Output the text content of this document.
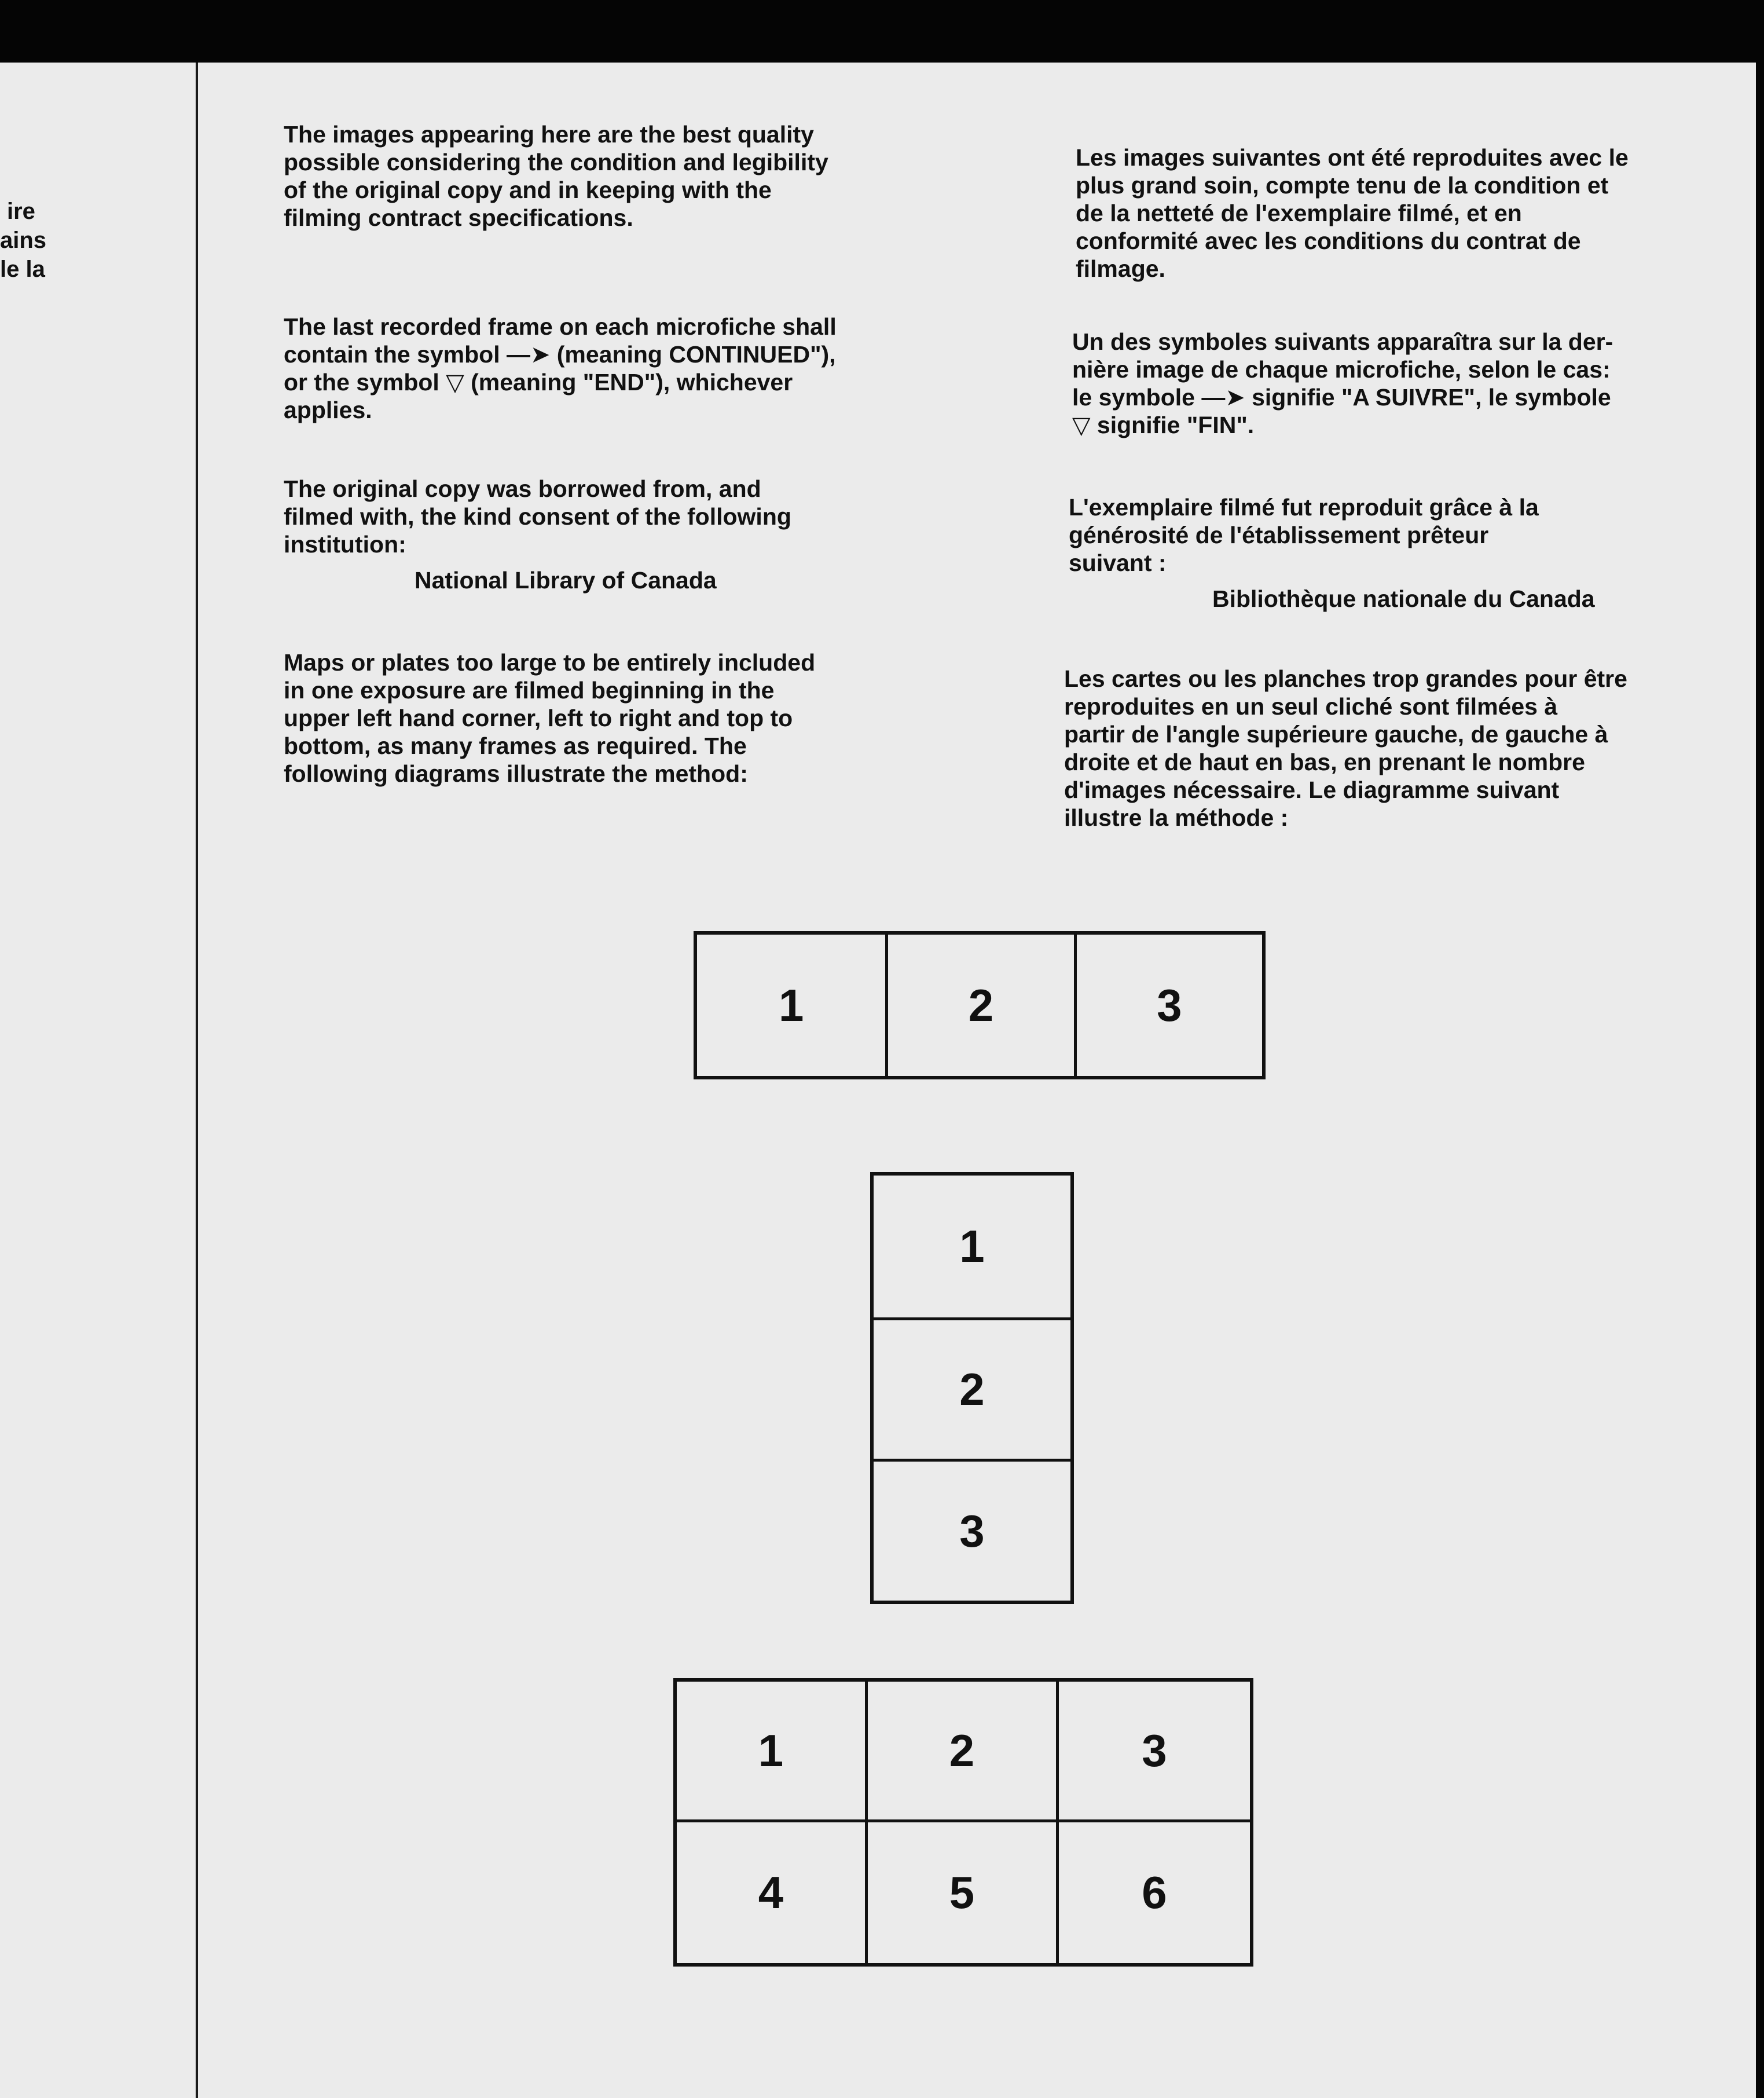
ire
ains
le la

The images appearing here are the best quality
possible considering the condition and legibility
of the original copy and in keeping with the
filming contract specifications.

The last recorded frame on each microfiche shall
contain the symbol —➤ (meaning CONTINUED"),
or the symbol ▽ (meaning "END"), whichever
applies.

The original copy was borrowed from, and
filmed with, the kind consent of the following
institution:

National Library of Canada

Maps or plates too large to be entirely included
in one exposure are filmed beginning in the
upper left hand corner, left to right and top to
bottom, as many frames as required. The
following diagrams illustrate the method:

Les images suivantes ont été reproduites avec le
plus grand soin, compte tenu de la condition et
de la netteté de l'exemplaire filmé, et en
conformité avec les conditions du contrat de
filmage.

Un des symboles suivants apparaîtra sur la der-
nière image de chaque microfiche, selon le cas:
le symbole —➤ signifie "A SUIVRE", le symbole
▽ signifie "FIN".

L'exemplaire filmé fut reproduit grâce à la
générosité de l'établissement prêteur
suivant :

Bibliothèque nationale du Canada

Les cartes ou les planches trop grandes pour être
reproduites en un seul cliché sont filmées à
partir de l'angle supérieure gauche, de gauche à
droite et de haut en bas, en prenant le nombre
d'images nécessaire. Le diagramme suivant
illustre la méthode :

1	2	3
1
2
3
1	2	3
4	5	6
